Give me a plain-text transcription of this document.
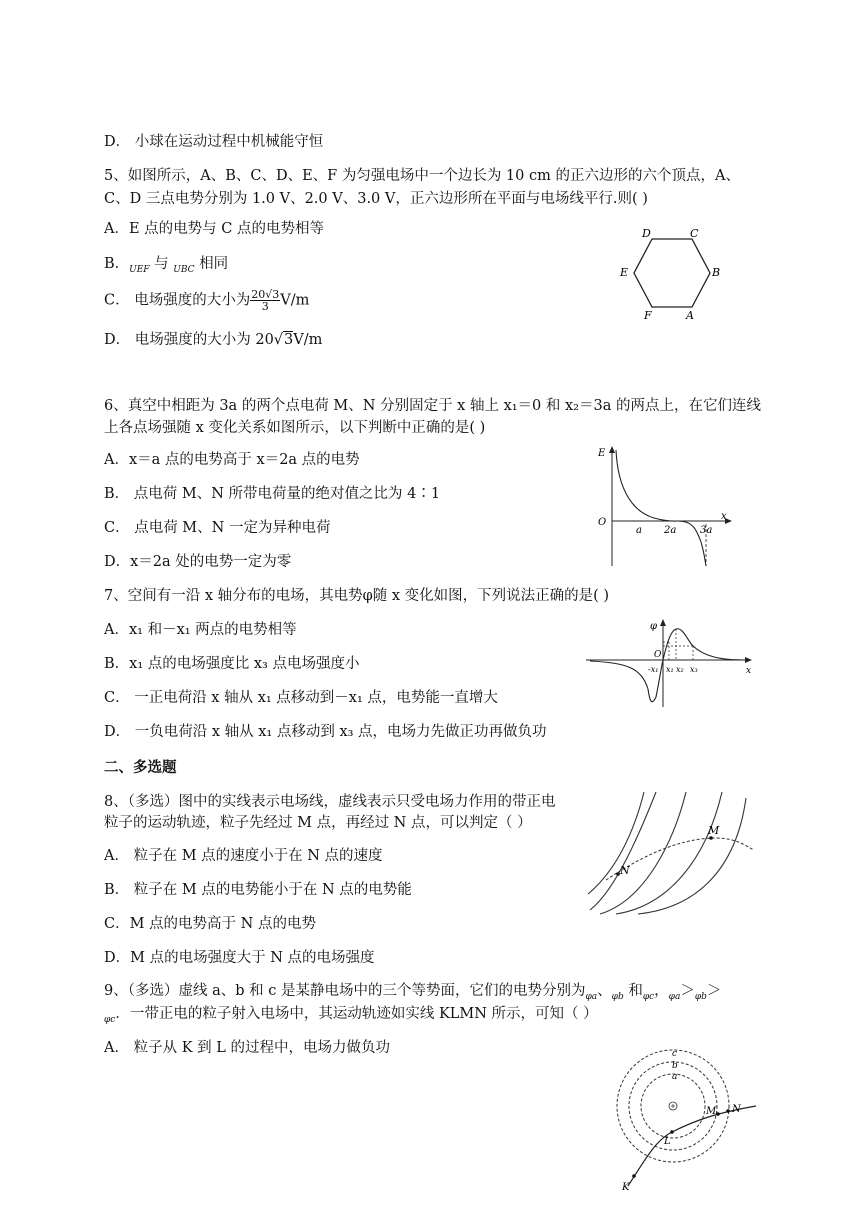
D． 小球在运动过程中机械能守恒
5、如图所示，A、B、C、D、E、F 为匀强电场中一个边长为 10 cm 的正六边形的六个顶点，A、
C、D 三点电势分别为 1.0 V、2.0 V、3.0 V，正六边形所在平面与电场线平行.则( )
A．E 点的电势与 C 点的电势相等
B．$_{UEF}$ 与 $_{UBC}$ 相同
C． 电场强度的大小为 $\frac{20√3}{3}V/m$
D． 电场强度的大小为 20√3V/m
D	C
E	B
F	A
6、真空中相距为 3a 的两个点电荷 M、N 分别固定于 x 轴上 x₁＝0 和 x₂＝3a 的两点上，在它们连线
上各点场强随 x 变化关系如图所示，以下判断中正确的是( )
A．x＝a 点的电势高于 x＝2a 点的电势
B． 点电荷 M、N 所带电荷量的绝对值之比为 4∶1
C． 点电荷 M、N 一定为异种电荷
D．x＝2a 处的电势一定为零
E
O
a 2a 3a
x
7、空间有一沿 x 轴分布的电场，其电势φ随 x 变化如图，下列说法正确的是( )
A．x₁ 和－x₁ 两点的电势相等
B．x₁ 点的电场强度比 x₃ 点电场强度小
C． 一正电荷沿 x 轴从 x₁ 点移动到－x₁ 点，电势能一直增大
D． 一负电荷沿 x 轴从 x₁ 点移动到 x₃ 点，电场力先做正功再做负功
φ
O
-x₁ x₁ x₂ x₃	x
二、多选题
8、（多选）图中的实线表示电场线，虚线表示只受电场力作用的带正电
粒子的运动轨迹，粒子先经过 M 点，再经过 N 点，可以判定（ ）
A． 粒子在 M 点的速度小于在 N 点的速度
B． 粒子在 M 点的电势能小于在 N 点的电势能
C．M 点的电势高于 N 点的电势
D．M 点的电场强度大于 N 点的电场强度
M
N
9、（多选）虚线 a、b 和 c 是某静电场中的三个等势面，它们的电势分别为$_{\varphi a}$、$_{\varphi b}$ 和$_{\varphi c}$，$_{\varphi a}>_{\varphi b}>$
$_{\varphi c}$．一带正电的粒子射入电场中，其运动轨迹如实线 KLMN 所示，可知（ ）
A． 粒子从 K 到 L 的过程中，电场力做负功	c
b
a
K
L
M N
